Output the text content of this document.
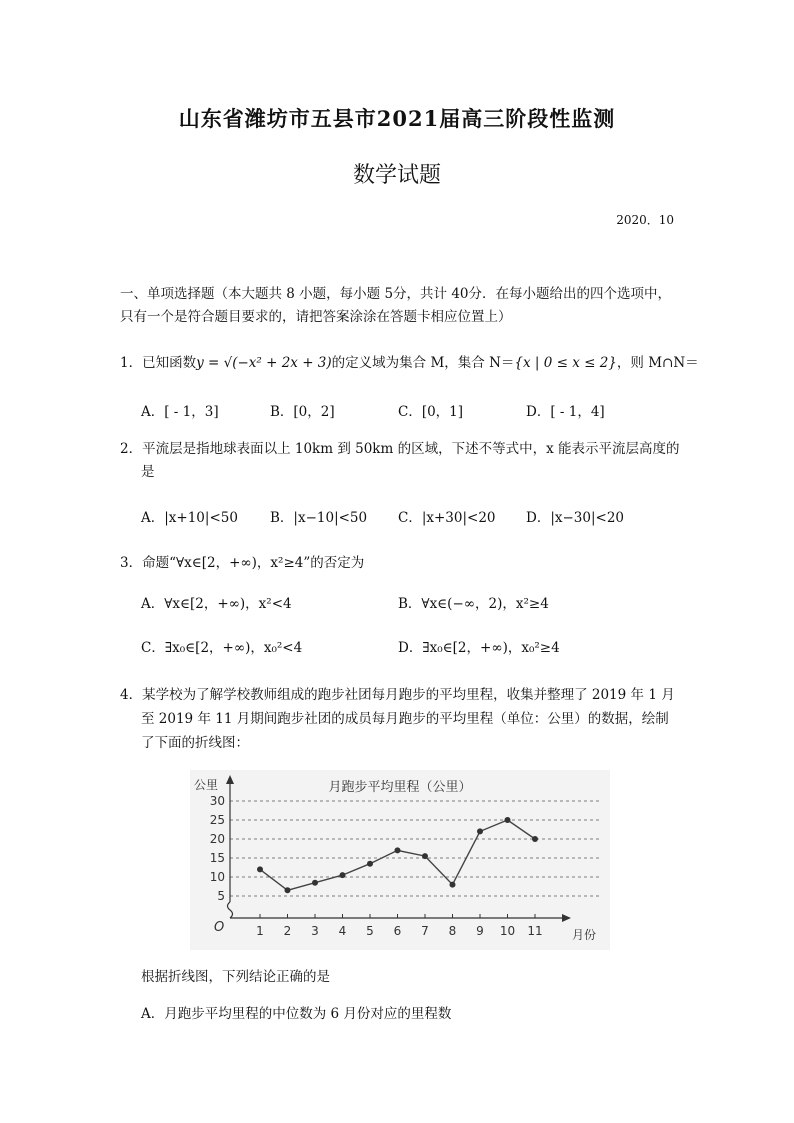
山东省潍坊市五县市2021届高三阶段性监测
数学试题
2020．10
一、单项选择题（本大题共 8 小题，每小题 5分，共计 40分．在每小题给出的四个选项中，
只有一个是符合题目要求的，请把答案涂涂在答题卡相应位置上）
1．已知函数y = √(−x² + 2x + 3)的定义域为集合 M，集合 N＝{x | 0 ≤ x ≤ 2}，则 M∩N＝
A．[ - 1，3]	B．[0，2]	C．[0，1]	D．[ - 1，4]
2．平流层是指地球表面以上 10km 到 50km 的区域，下述不等式中，x 能表示平流层高度的
是
A．|x+10|<50 B．|x−10|<50 C．|x+30|<20 D．|x−30|<20
3．命题“∀x∈[2，+∞)，x²≥4”的否定为
A．∀x∈[2，+∞)，x²<4	B．∀x∈(−∞，2)，x²≥4
C．∃x₀∈[2，+∞)，x₀²<4	D．∃x₀∈[2，+∞)，x₀²≥4
4．某学校为了解学校教师组成的跑步社团每月跑步的平均里程，收集并整理了 2019 年 1 月
至 2019 年 11 月期间跑步社团的成员每月跑步的平均里程（单位：公里）的数据，绘制
了下面的折线图：
5
10
15
20
25
30
1 2 3 4 5 6 7 8 9 10 11
月跑步平均里程（公里）
公里
月份
O
根据折线图，下列结论正确的是
A．月跑步平均里程的中位数为 6 月份对应的里程数
